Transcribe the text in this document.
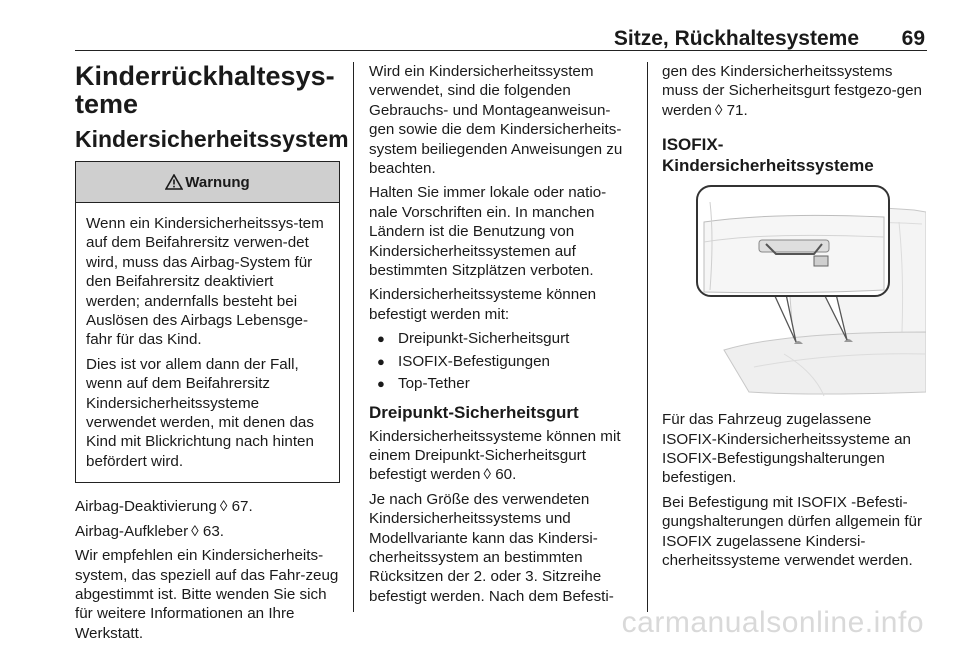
Sitze, Rückhaltesysteme 69
Kinderrückhaltesys-teme
Kindersicherheitssystem
Warnung

Wenn ein Kindersicherheitssys-tem auf dem Beifahrersitz verwen-det wird, muss das Airbag-System für den Beifahrersitz deaktiviert werden; andernfalls besteht bei Auslösen des Airbags Lebensge-fahr für das Kind.

Dies ist vor allem dann der Fall, wenn auf dem Beifahrersitz Kindersicherheitssysteme verwendet werden, mit denen das Kind mit Blickrichtung nach hinten befördert wird.

Airbag-Deaktivierung ◊ 67.

Airbag-Aufkleber ◊ 63.

Wir empfehlen ein Kindersicherheits-system, das speziell auf das Fahr-zeug abgestimmt ist. Bitte wenden Sie sich für weitere Informationen an Ihre Werkstatt.

Wird ein Kindersicherheitssystem verwendet, sind die folgenden Gebrauchs- und Montageanweisun-gen sowie die dem Kindersicherheits-system beiliegenden Anweisungen zu beachten.

Halten Sie immer lokale oder natio-nale Vorschriften ein. In manchen Ländern ist die Benutzung von Kindersicherheitssystemen auf bestimmten Sitzplätzen verboten.

Kindersicherheitssysteme können befestigt werden mit:

● Dreipunkt-Sicherheitsgurt
● ISOFIX-Befestigungen
● Top-Tether
Dreipunkt-Sicherheitsgurt

Kindersicherheitssysteme können mit einem Dreipunkt-Sicherheitsgurt befestigt werden ◊ 60.

Je nach Größe des verwendeten Kindersicherheitssystems und Modellvariante kann das Kindersi-cherheitssystem an bestimmten Rücksitzen der 2. oder 3. Sitzreihe befestigt werden. Nach dem Befesti-

gen des Kindersicherheitssystems muss der Sicherheitsgurt festgezo-gen werden ◊ 71.

ISOFIX-Kindersicherheitssysteme

Für das Fahrzeug zugelassene ISOFIX-Kindersicherheitssysteme an ISOFIX-Befestigungshalterungen befestigen.

Bei Befestigung mit ISOFIX -Befesti-gungshalterungen dürfen allgemein für ISOFIX zugelassene Kindersi-cherheitssysteme verwendet werden.

carmanualsonline.info
